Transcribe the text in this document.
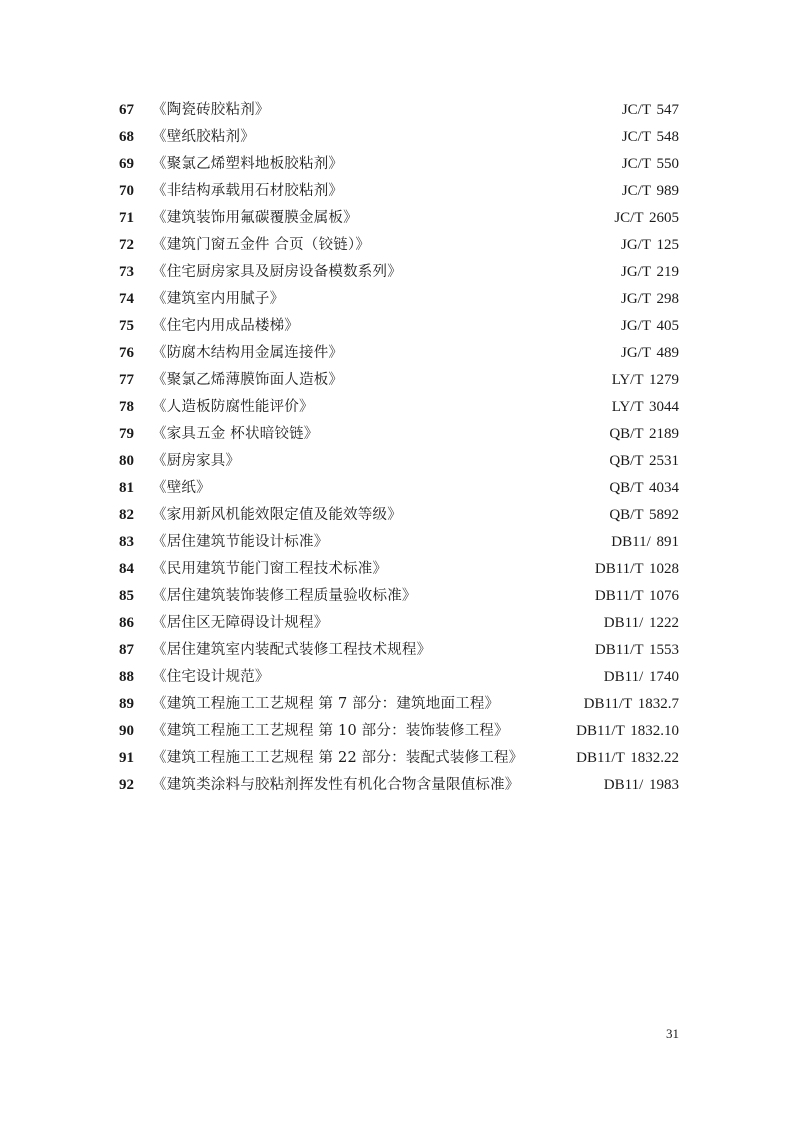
67 《陶瓷砖胶粘剂》	JC/T 547
68 《壁纸胶粘剂》	JC/T 548
69 《聚氯乙烯塑料地板胶粘剂》	JC/T 550
70 《非结构承载用石材胶粘剂》	JC/T 989
71 《建筑装饰用氟碳覆膜金属板》	JC/T 2605
72 《建筑门窗五金件 合页（铰链）》	JG/T 125
73 《住宅厨房家具及厨房设备模数系列》	JG/T 219
74 《建筑室内用腻子》	JG/T 298
75 《住宅内用成品楼梯》	JG/T 405
76 《防腐木结构用金属连接件》	JG/T 489
77 《聚氯乙烯薄膜饰面人造板》	LY/T 1279
78 《人造板防腐性能评价》	LY/T 3044
79 《家具五金 杯状暗铰链》	QB/T 2189
80 《厨房家具》	QB/T 2531
81 《壁纸》	QB/T 4034
82 《家用新风机能效限定值及能效等级》	QB/T 5892
83 《居住建筑节能设计标准》	DB11/ 891
84 《民用建筑节能门窗工程技术标准》	DB11/T 1028
85 《居住建筑装饰装修工程质量验收标准》	DB11/T 1076
86 《居住区无障碍设计规程》	DB11/ 1222
87 《居住建筑室内装配式装修工程技术规程》	DB11/T 1553
88 《住宅设计规范》	DB11/ 1740
89 《建筑工程施工工艺规程 第 7 部分：建筑地面工程》	DB11/T 1832.7
90 《建筑工程施工工艺规程 第 10 部分：装饰装修工程》	DB11/T 1832.10
91 《建筑工程施工工艺规程 第 22 部分：装配式装修工程》	DB11/T 1832.22
92 《建筑类涂料与胶粘剂挥发性有机化合物含量限值标准》	DB11/ 1983
31
